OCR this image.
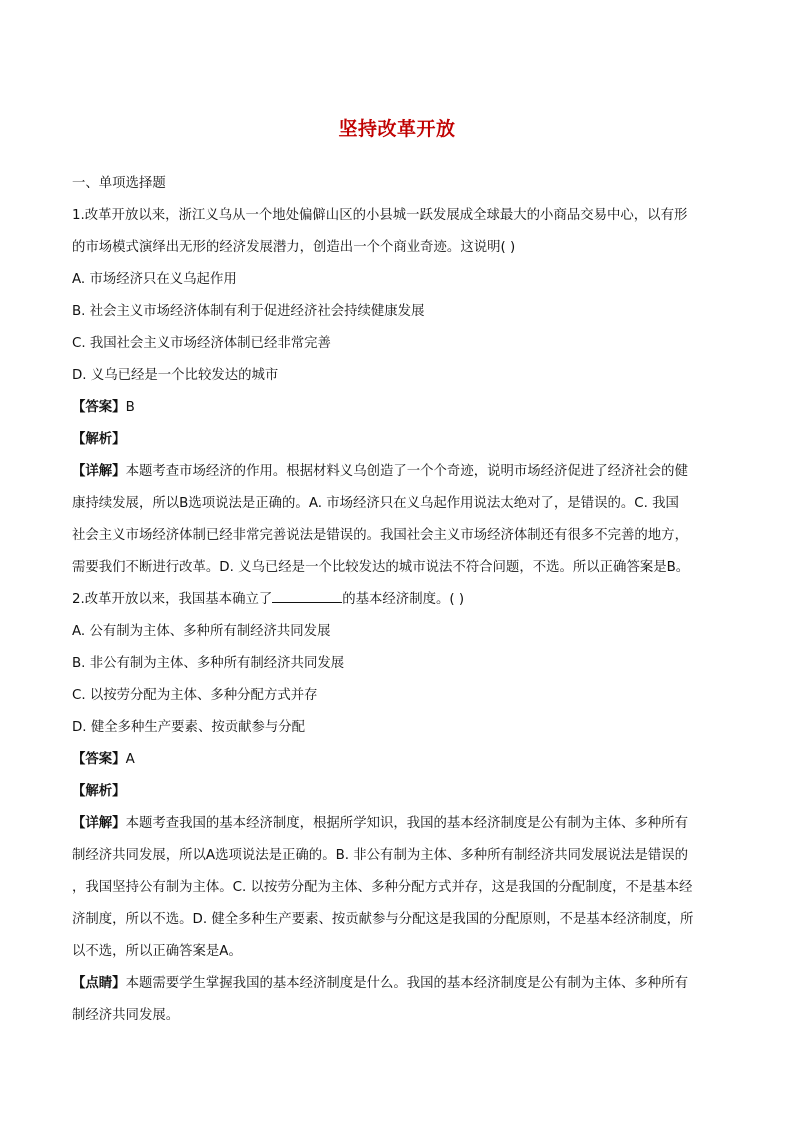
坚持改革开放
一、单项选择题
1.改革开放以来，浙江义乌从一个地处偏僻山区的小县城一跃发展成全球最大的小商品交易中心，以有形
的市场模式演绎出无形的经济发展潜力，创造出一个个商业奇迹。这说明( )
A. 市场经济只在义乌起作用
B. 社会主义市场经济体制有利于促进经济社会持续健康发展
C. 我国社会主义市场经济体制已经非常完善
D. 义乌已经是一个比较发达的城市
【答案】B
【解析】
【详解】本题考查市场经济的作用。根据材料义乌创造了一个个奇迹，说明市场经济促进了经济社会的健
康持续发展，所以B选项说法是正确的。A. 市场经济只在义乌起作用说法太绝对了，是错误的。C. 我国
社会主义市场经济体制已经非常完善说法是错误的。我国社会主义市场经济体制还有很多不完善的地方，
需要我们不断进行改革。D. 义乌已经是一个比较发达的城市说法不符合问题，不选。所以正确答案是B。
2.改革开放以来，我国基本确立了	的基本经济制度。( )
A. 公有制为主体、多种所有制经济共同发展
B. 非公有制为主体、多种所有制经济共同发展
C. 以按劳分配为主体、多种分配方式并存
D. 健全多种生产要素、按贡献参与分配
【答案】A
【解析】
【详解】本题考查我国的基本经济制度，根据所学知识，我国的基本经济制度是公有制为主体、多种所有
制经济共同发展，所以A选项说法是正确的。B. 非公有制为主体、多种所有制经济共同发展说法是错误的
，我国坚持公有制为主体。C. 以按劳分配为主体、多种分配方式并存，这是我国的分配制度，不是基本经
济制度，所以不选。D. 健全多种生产要素、按贡献参与分配这是我国的分配原则，不是基本经济制度，所
以不选，所以正确答案是A。
【点睛】本题需要学生掌握我国的基本经济制度是什么。我国的基本经济制度是公有制为主体、多种所有
制经济共同发展。
